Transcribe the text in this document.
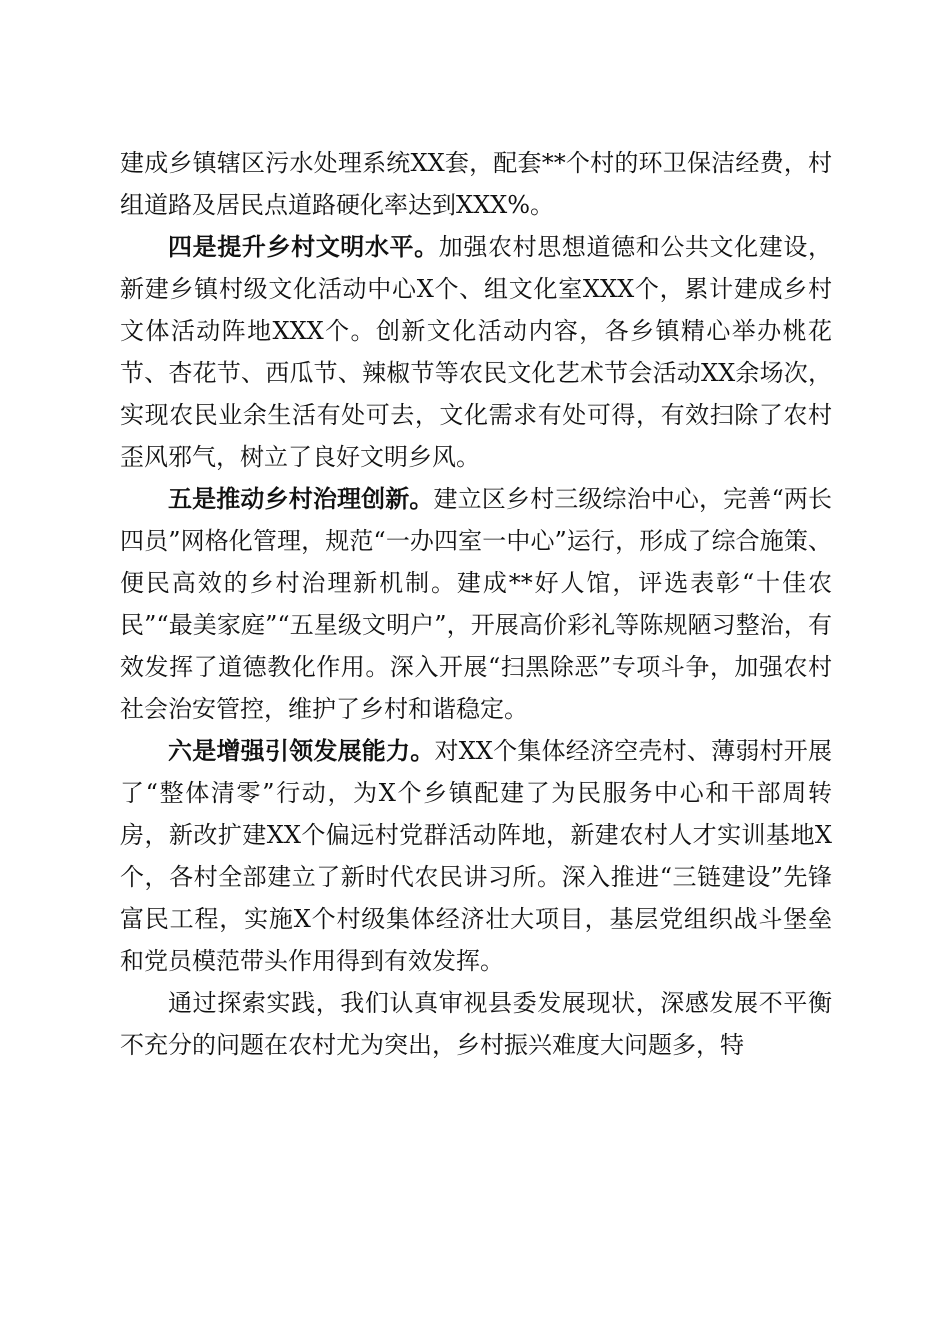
建成乡镇辖区污水处理系统XX套，配套**个村的环卫保洁经费，村组道路及居民点道路硬化率达到XXX%。

四是提升乡村文明水平。加强农村思想道德和公共文化建设，新建乡镇村级文化活动中心X个、组文化室XXX个，累计建成乡村文体活动阵地XXX个。创新文化活动内容，各乡镇精心举办桃花节、杏花节、西瓜节、辣椒节等农民文化艺术节会活动XX余场次，实现农民业余生活有处可去，文化需求有处可得，有效扫除了农村歪风邪气，树立了良好文明乡风。

五是推动乡村治理创新。建立区乡村三级综治中心，完善“两长四员”网格化管理，规范“一办四室一中心”运行，形成了综合施策、便民高效的乡村治理新机制。建成**好人馆，评选表彰“十佳农民”“最美家庭”“五星级文明户”，开展高价彩礼等陈规陋习整治，有效发挥了道德教化作用。深入开展“扫黑除恶”专项斗争，加强农村社会治安管控，维护了乡村和谐稳定。

六是增强引领发展能力。对XX个集体经济空壳村、薄弱村开展了“整体清零”行动，为X个乡镇配建了为民服务中心和干部周转房，新改扩建XX个偏远村党群活动阵地，新建农村人才实训基地X个，各村全部建立了新时代农民讲习所。深入推进“三链建设”先锋富民工程，实施X个村级集体经济壮大项目，基层党组织战斗堡垒和党员模范带头作用得到有效发挥。

通过探索实践，我们认真审视县委发展现状，深感发展不平衡不充分的问题在农村尤为突出，乡村振兴难度大问题多，特
